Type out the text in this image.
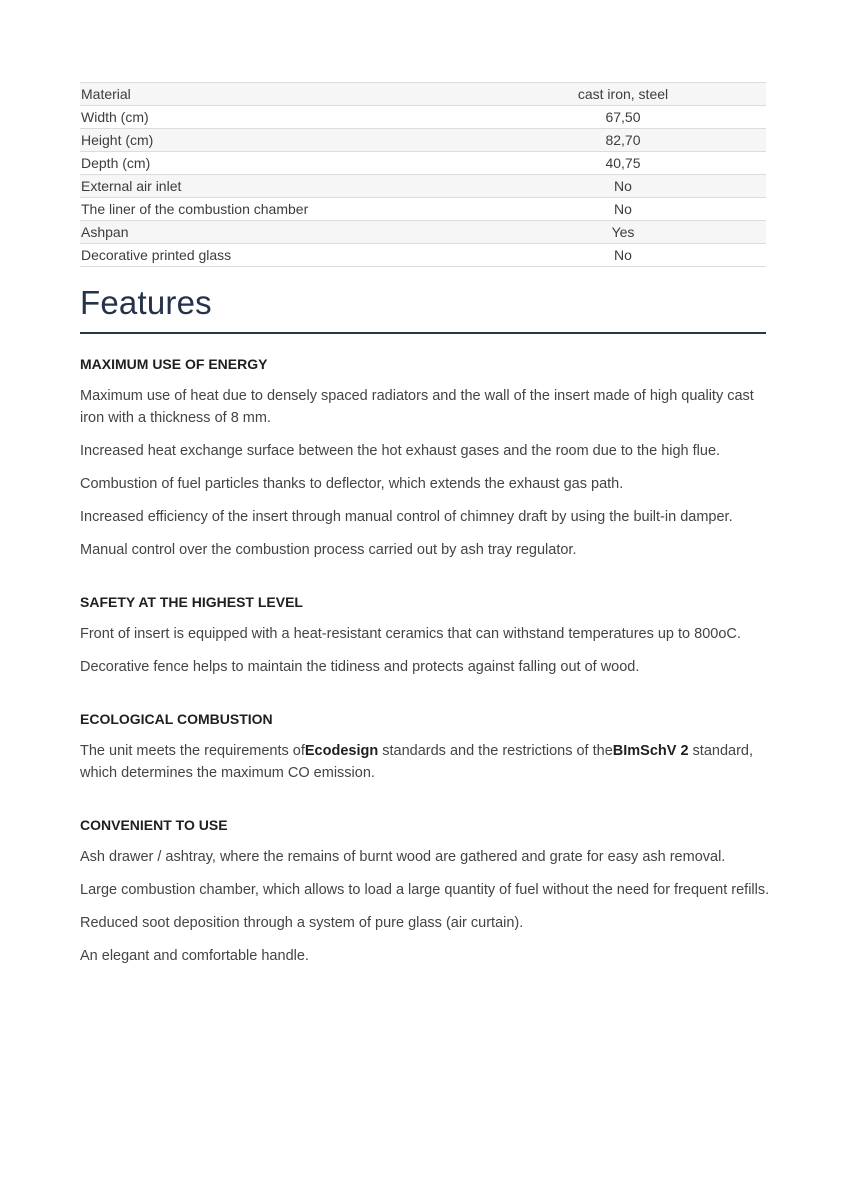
Material	cast iron, steel
Width (cm)	67,50
Height (cm)	82,70
Depth (cm)	40,75
External air inlet	No
The liner of the combustion chamber	No
Ashpan	Yes
Decorative printed glass	No
Features
MAXIMUM USE OF ENERGY

Maximum use of heat due to densely spaced radiators and the wall of the insert made of high quality cast iron with a thickness of 8 mm.

Increased heat exchange surface between the hot exhaust gases and the room due to the high flue.

Combustion of fuel particles thanks to deflector, which extends the exhaust gas path.

Increased efficiency of the insert through manual control of chimney draft by using the built-in damper.

Manual control over the combustion process carried out by ash tray regulator.

SAFETY AT THE HIGHEST LEVEL

Front of insert is equipped with a heat-resistant ceramics that can withstand temperatures up to 800oC.

Decorative fence helps to maintain the tidiness and protects against falling out of wood.

ECOLOGICAL COMBUSTION

The unit meets the requirements ofEcodesign standards and the restrictions of theBImSchV 2 standard, which determines the maximum CO emission.

CONVENIENT TO USE

Ash drawer / ashtray, where the remains of burnt wood are gathered and grate for easy ash removal.

Large combustion chamber, which allows to load a large quantity of fuel without the need for frequent refills.

Reduced soot deposition through a system of pure glass (air curtain).

An elegant and comfortable handle.
